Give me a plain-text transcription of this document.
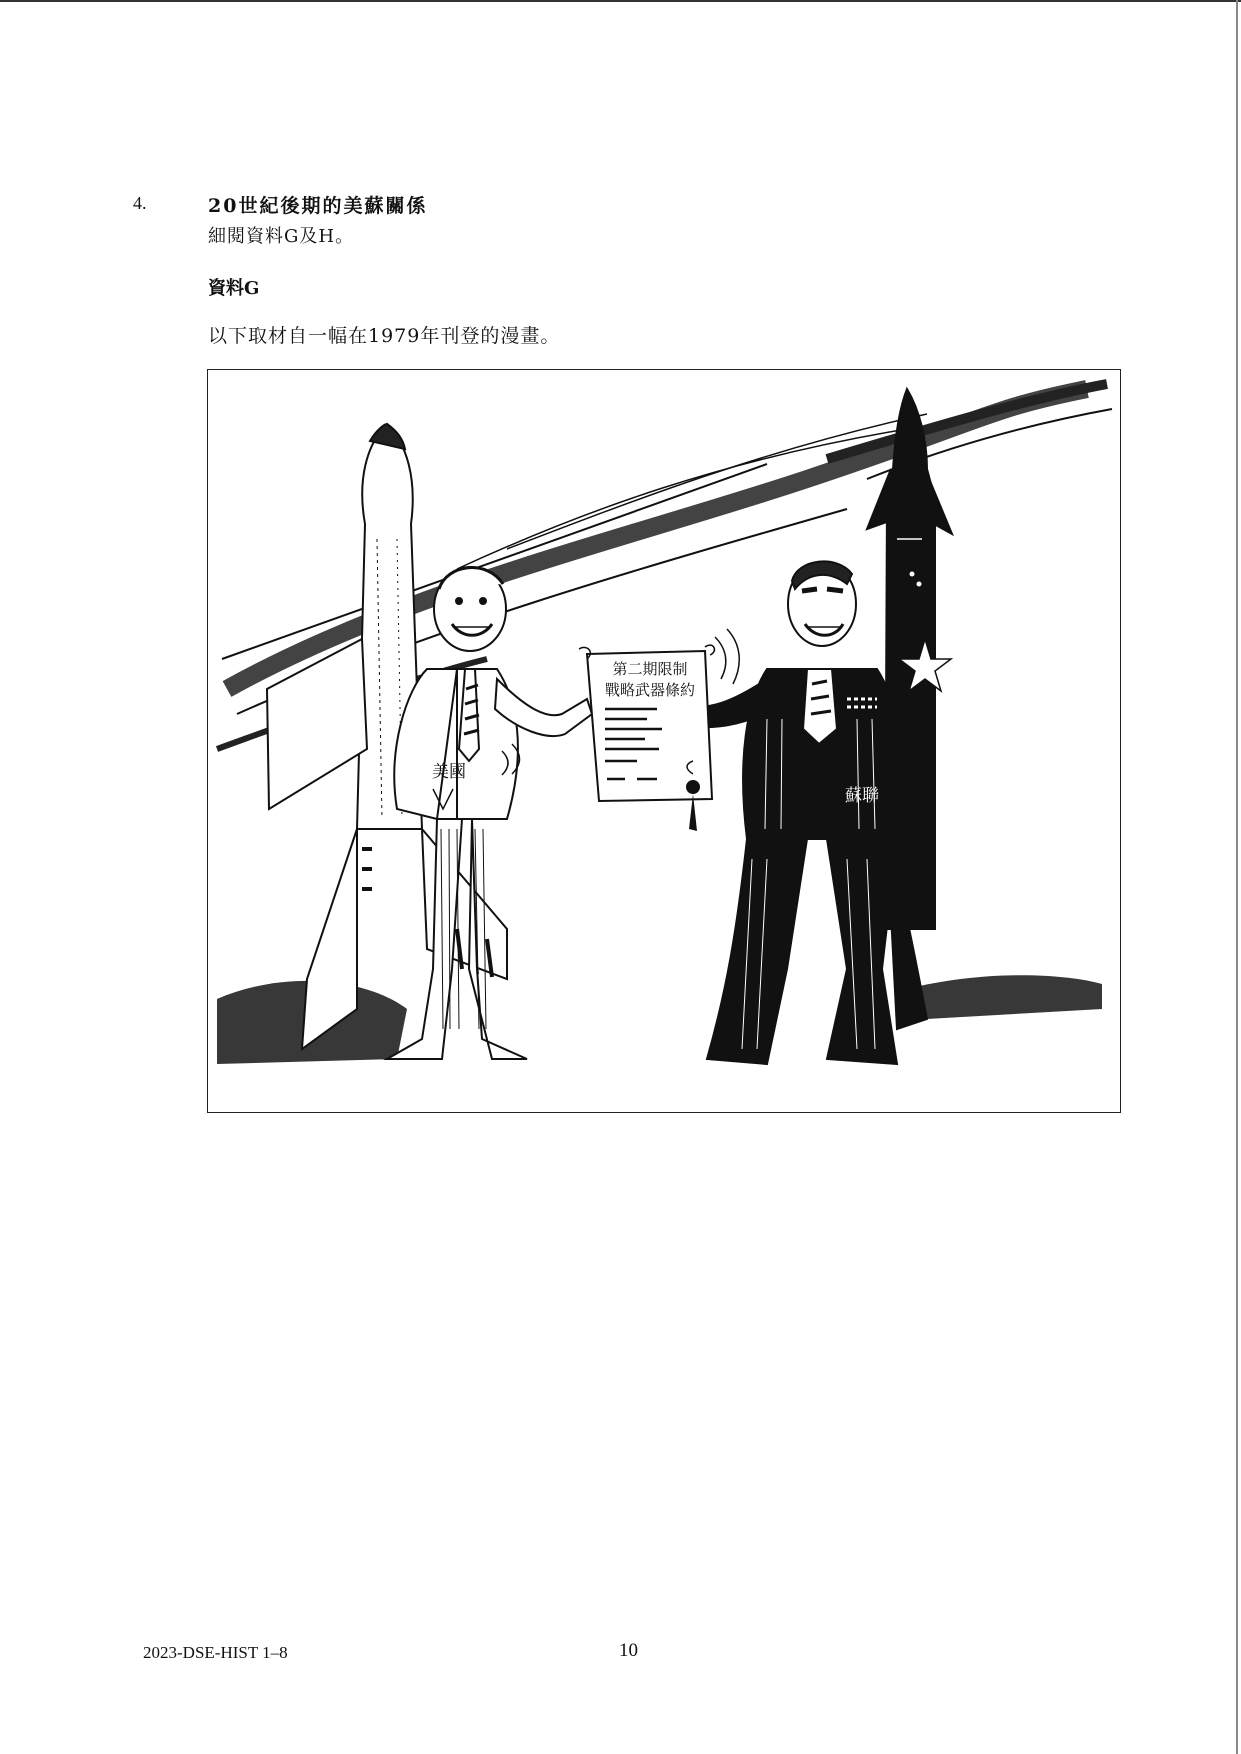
4.	20世紀後期的美蘇關係
細閱資料G及H。
資料G
以下取材自一幅在1979年刊登的漫畫。
第二期限制
戰略武器條約
美國
蘇聯
2023-DSE-HIST 1–8	10
